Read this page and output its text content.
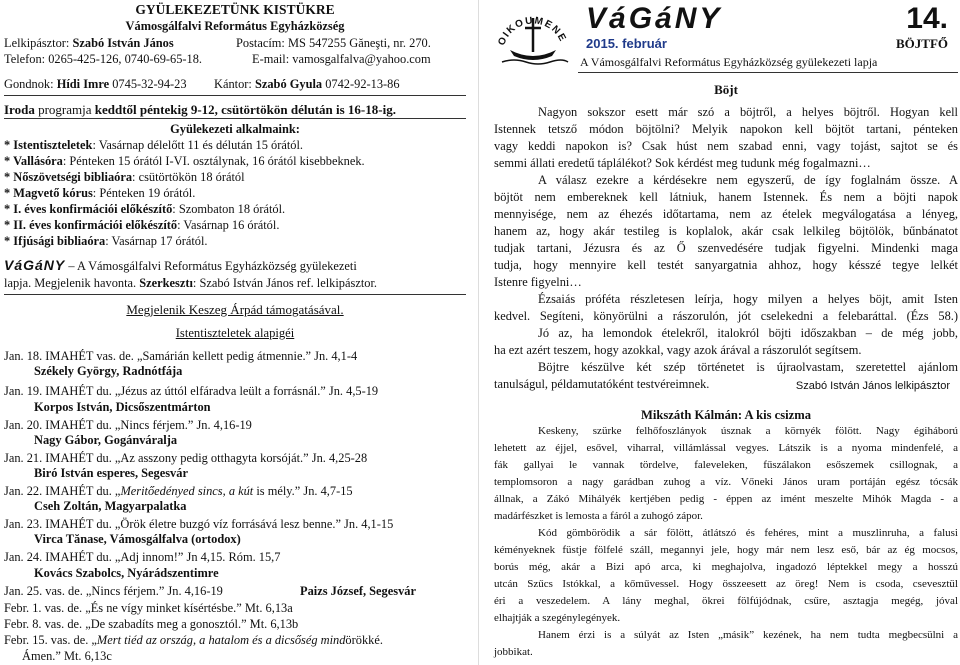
GYÜLEKEZETÜNK KISTÜKRE
Vámosgálfalvi Református Egyházközség
Lelkipásztor: Szabó István János	Postacím: MS 547255 Găneşti, nr. 270.
Telefon: 0265-425-126, 0740-69-65-18.	E-mail: vamosgalfalva@yahoo.com
Gondnok: Hídi Imre 0745-32-94-23 Kántor: Szabó Gyula 0742-92-13-86
Iroda programja keddtől péntekig 9-12, csütörtökön délután is 16-18-ig.
Gyülekezeti alkalmaink:
* Istentiszteletek: Vasárnap délelőtt 11 és délután 15 órától.
* Vallásóra: Pénteken 15 órától I-VI. osztálynak, 16 órától kisebbeknek.
* Nőszövetségi bibliaóra: csütörtökön 18 órától
* Magvető kórus: Pénteken 19 órától.
* I. éves konfirmációi előkészítő: Szombaton 18 órától.
* II. éves konfirmációi előkészítő: Vasárnap 16 órától.
* Ifjúsági bibliaóra: Vasárnap 17 órától.
VáGáNY – A Vámosgálfalvi Református Egyházközség gyülekezeti
lapja. Megjelenik havonta. Szerkesztı: Szabó István János ref. lelkipásztor.
Megjelenik Keszeg Árpád támogatásával.
Istentiszteletek alapigéi
Jan. 18. IMAHÉT vas. de. „Samárián kellett pedig átmennie.” Jn. 4,1-4
Székely György, Radnótfája
Jan. 19. IMAHÉT du. „Jézus az úttól elfáradva leült a forrásnál.” Jn. 4,5-19
Korpos István, Dicsőszentmárton
Jan. 20. IMAHÉT du. „Nincs férjem.” Jn. 4,16-19
Nagy Gábor, Gogánváralja
Jan. 21. IMAHÉT du. „Az asszony pedig otthagyta korsóját.” Jn. 4,25-28
Biró István esperes, Segesvár
Jan. 22. IMAHÉT du. „Meritőedényed sincs, a kút is mély.” Jn. 4,7-15
Cseh Zoltán, Magyarpalatka
Jan. 23. IMAHÉT du. „Örök életre buzgó víz forrásává lesz benne.” Jn. 4,1-15
Virca Tănase, Vámosgálfalva (ortodox)
Jan. 24. IMAHÉT du. „Adj innom!” Jn 4,15. Róm. 15,7
Kovács Szabolcs, Nyárádszentimre
Jan. 25. vas. de. „Nincs férjem.” Jn. 4,16-19	Paizs József, Segesvár
Febr. 1. vas. de. „És ne vígy minket kísértésbe.” Mt. 6,13a
Febr. 8. vas. de. „De szabadíts meg a gonosztól.” Mt. 6,13b
Febr. 15. vas. de. „Mert tiéd az ország, a hatalom és a dicsőség mindörökké.
Ámen.” Mt. 6,13c
OIKOUMENE
VáGáNY	14.
2015. február	BÖJTFŐ
A Vámosgálfalvi Református Egyházközség gyülekezeti lapja
Böjt
Nagyon sokszor esett már szó a böjtről, a helyes böjtről. Hogyan kell
Istennek tetsző módon böjtölni? Melyik napokon kell böjtöt tartani, pénteken
vagy keddi napokon is? Csak húst nem szabad enni, vagy tojást, sajtot se és
semmi állati eredetű táplálékot? Sok kérdést meg tudunk még fogalmazni…
A válasz ezekre a kérdésekre nem egyszerű, de így foglalnám össze. A
böjtöt nem embereknek kell látniuk, hanem Istennek. És nem a böjti napok
mennyisége, nem az éhezés időtartama, nem az ételek megválogatása a lényeg,
hanem az, hogy akár testileg is koplalok, akár csak lelkileg böjtölök, bűnbánatot
tudjak tartani, Jézusra és az Ő szenvedésére tudjak figyelni. Mindenki maga
tudja, hogy mennyire kell testét sanyargatnia ahhoz, hogy késszé tegye lelkét
Istenre figyelni…
Ézsaiás próféta részletesen leírja, hogy milyen a helyes böjt, amit Isten
kedvel. Segíteni, könyörülni a rászorulón, jót cselekedni a felebaráttal. (Ézs 58.)
Jó az, ha lemondok ételekről, italokról böjti időszakban – de még jobb,
ha ezt azért teszem, hogy azokkal, vagy azok árával a rászorulót segítsem.
Böjtre készülve két szép történetet is újraolvastam, szeretettel ajánlom
tanulságul, példamutatóként testvéreimnek.	Szabó István János lelkipásztor
Mikszáth Kálmán: A kis csizma
Keskeny, szürke felhőfoszlányok úsznak a környék fölött. Nagy égiháború
lehetett az éjjel, esővel, viharral, villámlással vegyes. Látszik is a nyoma mindenfelé, a
fák gallyai le vannak tördelve, faleveleken, fűszálakon esőszemek csillognak, a
templomsoron a nagy garádban zuhog a víz. Vőneki János uram portáján egész tócsák
állnak, a Zákó Mihályék kertjében pedig - éppen az imént meszelte Mihók Magda - a
madárfészket is lemosta a fáról a zuhogó zápor.
Kód gömbörödik a sár fölött, átlátszó és fehéres, mint a muszlinruha, a falusi
kéményeknek füstje fölfelé száll, megannyi jele, hogy már nem lesz eső, bár az ég mocsos,
borús még, akár a Bizi apó arca, ki meghajolva, ingadozó léptekkel megy a hosszú
utcán Szűcs Istókkal, a kőművessel. Hogy összeesett az öreg! Nem is csoda, csevesztül
éri a veszedelem. A lány meghal, ökrei fölfújódnak, csűre, asztagja megég, jóval
elhajtják a szegénylegények.
Hanem érzi is a súlyát az Isten „másik” kezének, ha nem tudta megbecsülni a
jobbikat.
